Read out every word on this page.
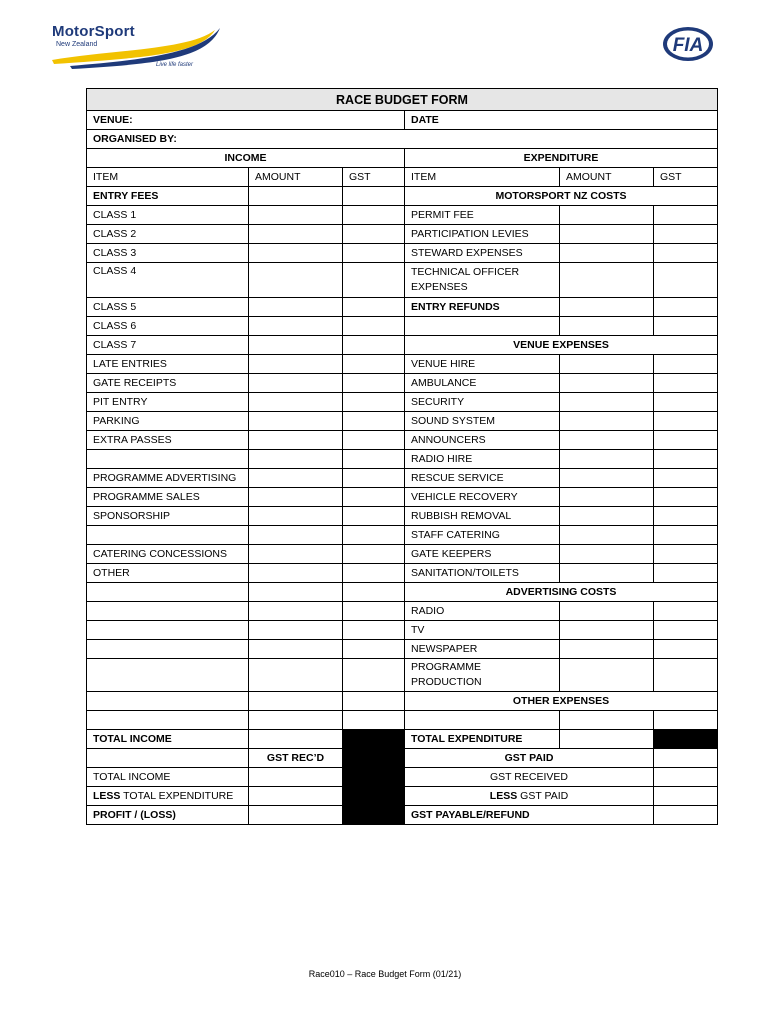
MotorSport
New Zealand
Live life faster
FIA
RACE BUDGET FORM					
VENUE:			DATE		
ORGANISED BY:					
INCOME			EXPENDITURE		
ITEM	AMOUNT	GST	ITEM	AMOUNT	GST
ENTRY FEES			MOTORSPORT NZ COSTS		
CLASS 1			PERMIT FEE		
CLASS 2			PARTICIPATION LEVIES		
CLASS 3			STEWARD EXPENSES		
CLASS 4			TECHNICAL OFFICER EXPENSES		
CLASS 5			ENTRY REFUNDS		
CLASS 6					
CLASS 7			VENUE EXPENSES		
LATE ENTRIES			VENUE HIRE		
GATE RECEIPTS			AMBULANCE		
PIT ENTRY			SECURITY		
PARKING			SOUND SYSTEM		
EXTRA PASSES			ANNOUNCERS		
			RADIO HIRE		
PROGRAMME ADVERTISING			RESCUE SERVICE		
PROGRAMME SALES			VEHICLE RECOVERY		
SPONSORSHIP			RUBBISH REMOVAL		
			STAFF CATERING		
CATERING CONCESSIONS			GATE KEEPERS		
OTHER			SANITATION/TOILETS		
			ADVERTISING COSTS		
			RADIO		
			TV		
			NEWSPAPER		
			PROGRAMME PRODUCTION		
			OTHER EXPENSES		

TOTAL INCOME			TOTAL EXPENDITURE		
	GST REC’D		GST PAID		
TOTAL INCOME			GST RECEIVED		
LESS TOTAL EXPENDITURE			LESS GST PAID		
PROFIT / (LOSS)			GST PAYABLE/REFUND		
Race010 – Race Budget Form (01/21)
